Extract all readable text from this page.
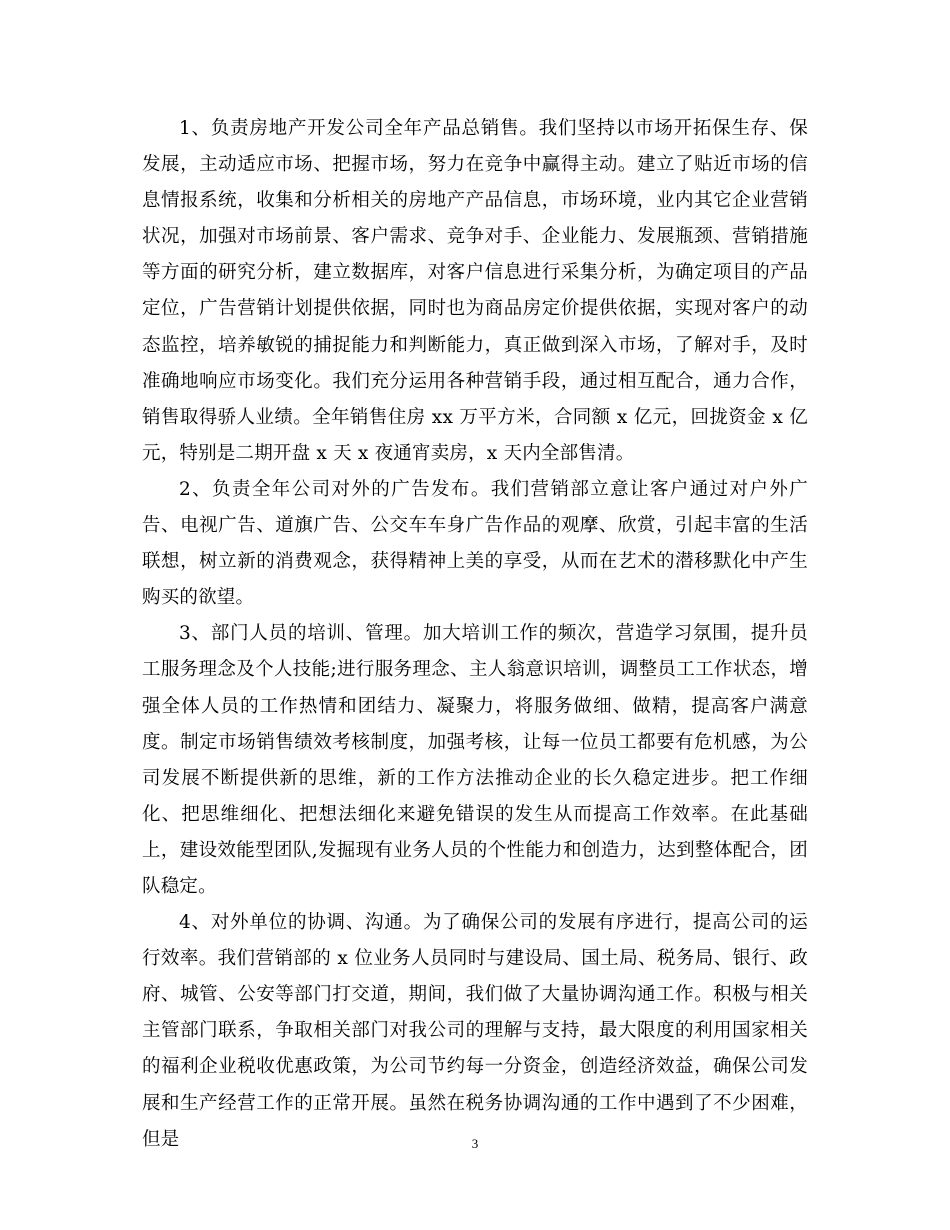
1、负责房地产开发公司全年产品总销售。我们坚持以市场开拓保生存、保发展，主动适应市场、把握市场，努力在竞争中赢得主动。建立了贴近市场的信息情报系统，收集和分析相关的房地产产品信息，市场环境，业内其它企业营销状况，加强对市场前景、客户需求、竞争对手、企业能力、发展瓶颈、营销措施等方面的研究分析，建立数据库，对客户信息进行采集分析，为确定项目的产品定位，广告营销计划提供依据，同时也为商品房定价提供依据，实现对客户的动态监控，培养敏锐的捕捉能力和判断能力，真正做到深入市场，了解对手，及时准确地响应市场变化。我们充分运用各种营销手段，通过相互配合，通力合作，销售取得骄人业绩。全年销售住房 xx 万平方米，合同额 x 亿元，回拢资金 x 亿元，特别是二期开盘 x 天 x 夜通宵卖房，x 天内全部售清。

2、负责全年公司对外的广告发布。我们营销部立意让客户通过对户外广告、电视广告、道旗广告、公交车车身广告作品的观摩、欣赏，引起丰富的生活联想，树立新的消费观念，获得精神上美的享受，从而在艺术的潜移默化中产生购买的欲望。

3、部门人员的培训、管理。加大培训工作的频次，营造学习氛围，提升员工服务理念及个人技能;进行服务理念、主人翁意识培训，调整员工工作状态，增强全体人员的工作热情和团结力、凝聚力，将服务做细、做精，提高客户满意度。制定市场销售绩效考核制度，加强考核，让每一位员工都要有危机感，为公司发展不断提供新的思维，新的工作方法推动企业的长久稳定进步。把工作细化、把思维细化、把想法细化来避免错误的发生从而提高工作效率。在此基础上，建设效能型团队,发掘现有业务人员的个性能力和创造力，达到整体配合，团队稳定。

4、对外单位的协调、沟通。为了确保公司的发展有序进行，提高公司的运行效率。我们营销部的 x 位业务人员同时与建设局、国土局、税务局、银行、政府、城管、公安等部门打交道，期间，我们做了大量协调沟通工作。积极与相关主管部门联系，争取相关部门对我公司的理解与支持，最大限度的利用国家相关的福利企业税收优惠政策，为公司节约每一分资金，创造经济效益，确保公司发展和生产经营工作的正常开展。虽然在税务协调沟通的工作中遇到了不少困难，但是	3
